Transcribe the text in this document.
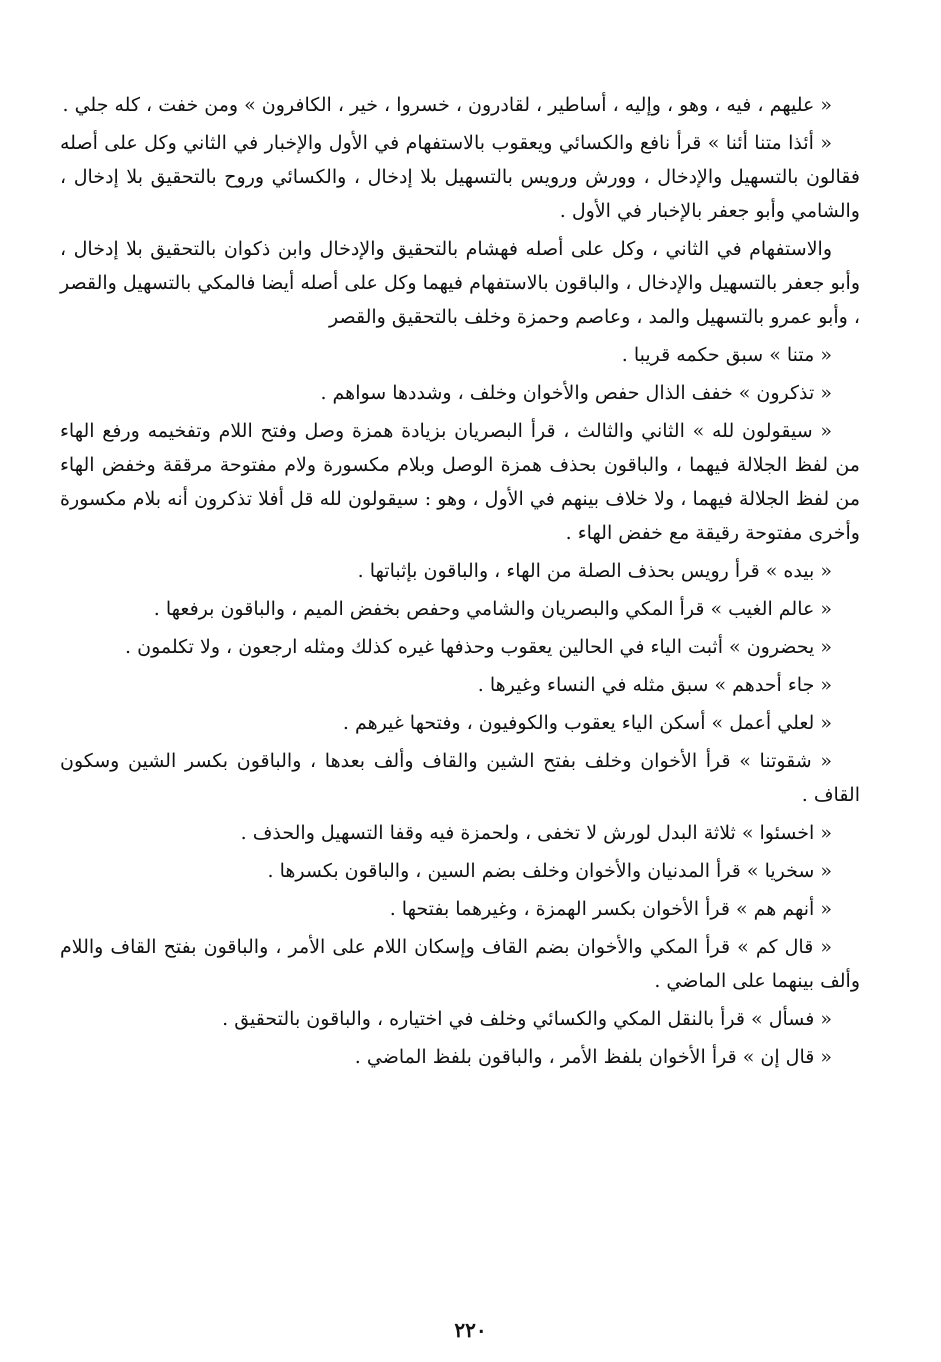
« عليهم ، فيه ، وهو ، وإليه ، أساطير ، لقادرون ، خسروا ، خير ، الكافرون » ومن خفت ، كله جلي .

« أئذا متنا أئنا » قرأ نافع والكسائي ويعقوب بالاستفهام في الأول والإخبار في الثاني وكل على أصله فقالون بالتسهيل والإدخال ، وورش ورويس بالتسهيل بلا إدخال ، والكسائي وروح بالتحقيق بلا إدخال ، والشامي وأبو جعفر بالإخبار في الأول .

والاستفهام في الثاني ، وكل على أصله فهشام بالتحقيق والإدخال وابن ذكوان بالتحقيق بلا إدخال ، وأبو جعفر بالتسهيل والإدخال ، والباقون بالاستفهام فيهما وكل على أصله أيضا فالمكي بالتسهيل والقصر ، وأبو عمرو بالتسهيل والمد ، وعاصم وحمزة وخلف بالتحقيق والقصر

« متنا » سبق حكمه قريبا .

« تذكرون » خفف الذال حفص والأخوان وخلف ، وشددها سواهم .

« سيقولون لله » الثاني والثالث ، قرأ البصريان بزيادة همزة وصل وفتح اللام وتفخيمه ورفع الهاء من لفظ الجلالة فيهما ، والباقون بحذف همزة الوصل وبلام مكسورة ولام مفتوحة مرققة وخفض الهاء من لفظ الجلالة فيهما ، ولا خلاف بينهم في الأول ، وهو : سيقولون لله قل أفلا تذكرون أنه بلام مكسورة وأخرى مفتوحة رقيقة مع خفض الهاء .

« بيده » قرأ رويس بحذف الصلة من الهاء ، والباقون بإثباتها .

« عالم الغيب » قرأ المكي والبصريان والشامي وحفص بخفض الميم ، والباقون برفعها .

« يحضرون » أثبت الياء في الحالين يعقوب وحذفها غيره كذلك ومثله ارجعون ، ولا تكلمون .

« جاء أحدهم » سبق مثله في النساء وغيرها .

« لعلي أعمل » أسكن الياء يعقوب والكوفيون ، وفتحها غيرهم .

« شقوتنا » قرأ الأخوان وخلف بفتح الشين والقاف وألف بعدها ، والباقون بكسر الشين وسكون القاف .

« اخسئوا » ثلاثة البدل لورش لا تخفى ، ولحمزة فيه وقفا التسهيل والحذف .

« سخريا » قرأ المدنيان والأخوان وخلف بضم السين ، والباقون بكسرها .

« أنهم هم » قرأ الأخوان بكسر الهمزة ، وغيرهما بفتحها .

« قال كم » قرأ المكي والأخوان بضم القاف وإسكان اللام على الأمر ، والباقون بفتح القاف واللام وألف بينهما على الماضي .

« فسأل » قرأ بالنقل المكي والكسائي وخلف في اختياره ، والباقون بالتحقيق .

« قال إن » قرأ الأخوان بلفظ الأمر ، والباقون بلفظ الماضي .

٢٢٠
